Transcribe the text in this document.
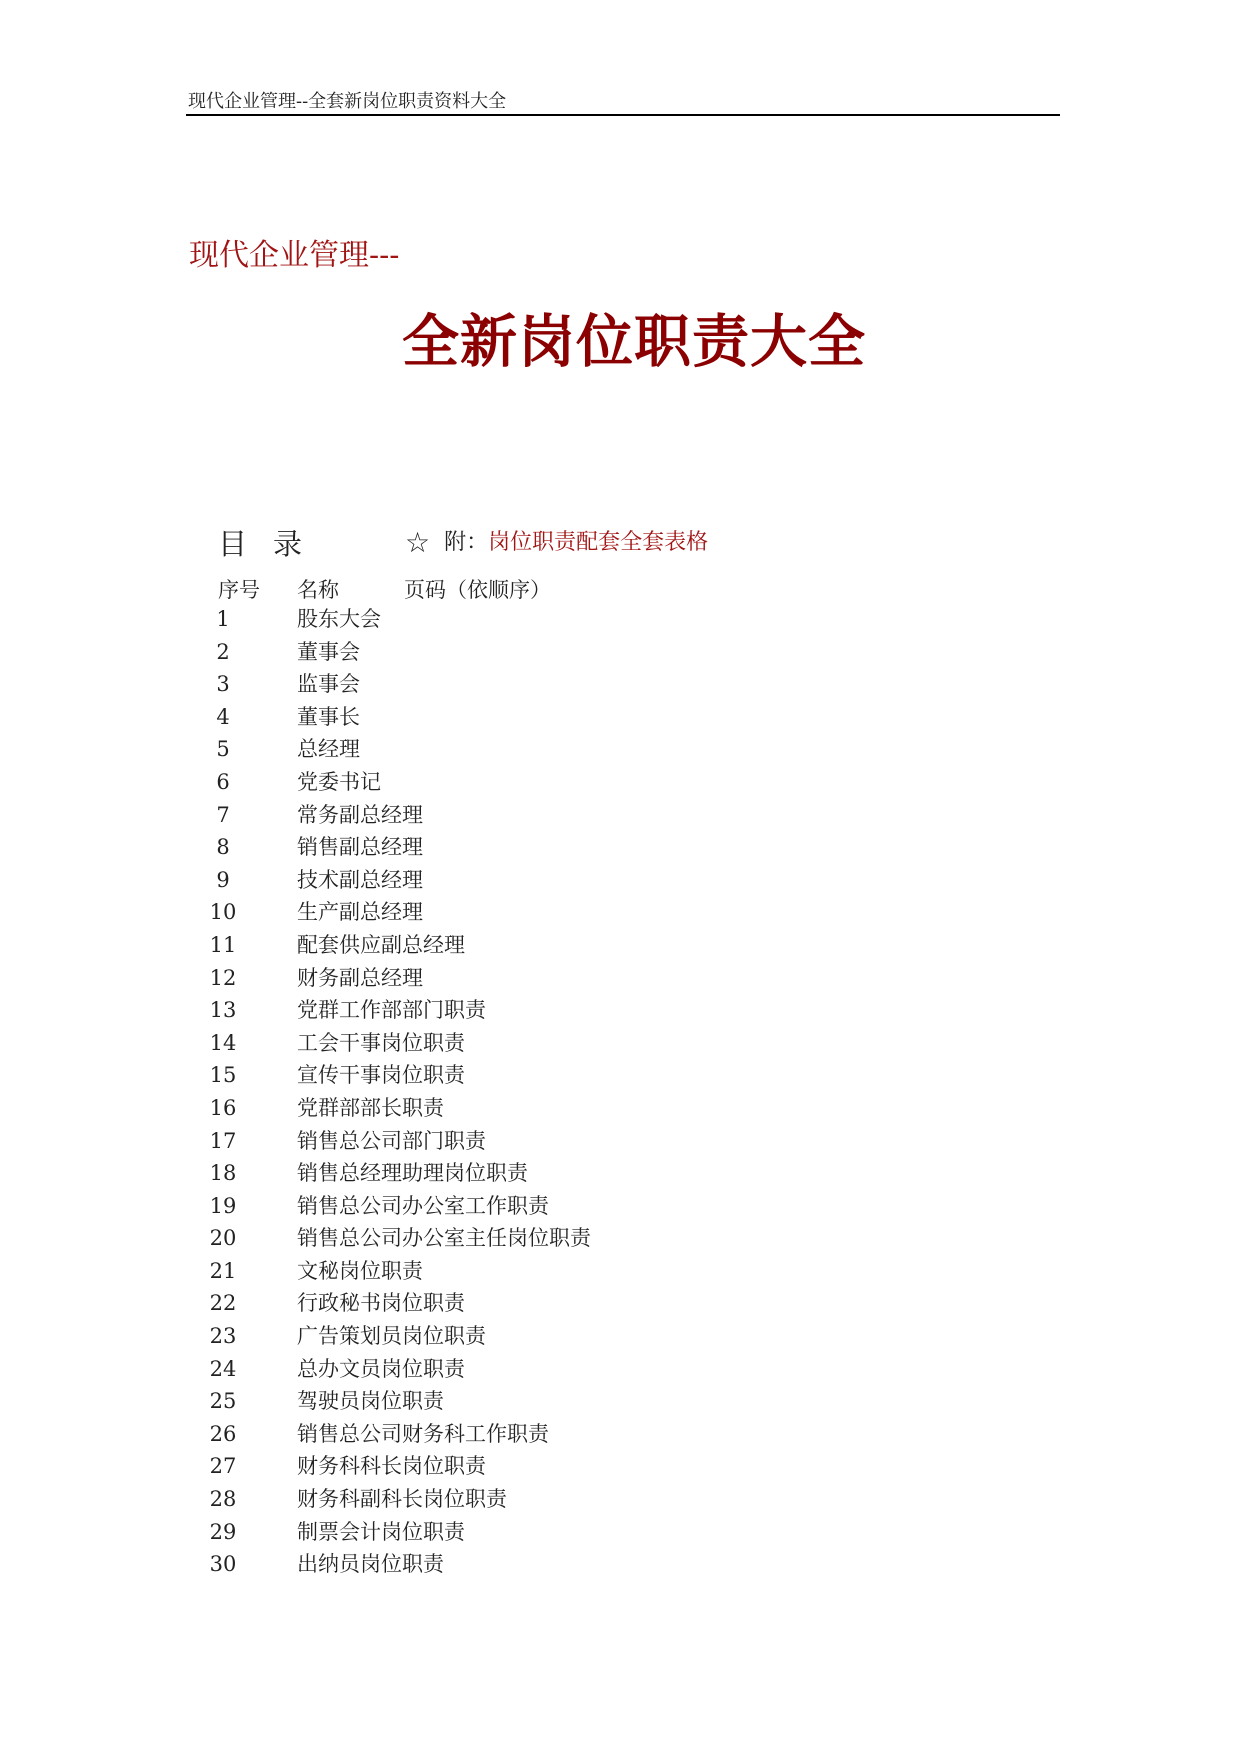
现代企业管理--全套新岗位职责资料大全
现代企业管理---
全新岗位职责大全
目 录	☆ 附：岗位职责配套全套表格
序号 名称	页码（依顺序）
1	股东大会
2	董事会
3	监事会
4	董事长
5	总经理
6	党委书记
7	常务副总经理
8	销售副总经理
9	技术副总经理
10	生产副总经理
11	配套供应副总经理
12	财务副总经理
13	党群工作部部门职责
14	工会干事岗位职责
15	宣传干事岗位职责
16	党群部部长职责
17	销售总公司部门职责
18	销售总经理助理岗位职责
19	销售总公司办公室工作职责
20	销售总公司办公室主任岗位职责
21	文秘岗位职责
22	行政秘书岗位职责
23	广告策划员岗位职责
24	总办文员岗位职责
25	驾驶员岗位职责
26	销售总公司财务科工作职责
27	财务科科长岗位职责
28	财务科副科长岗位职责
29	制票会计岗位职责
30	出纳员岗位职责
